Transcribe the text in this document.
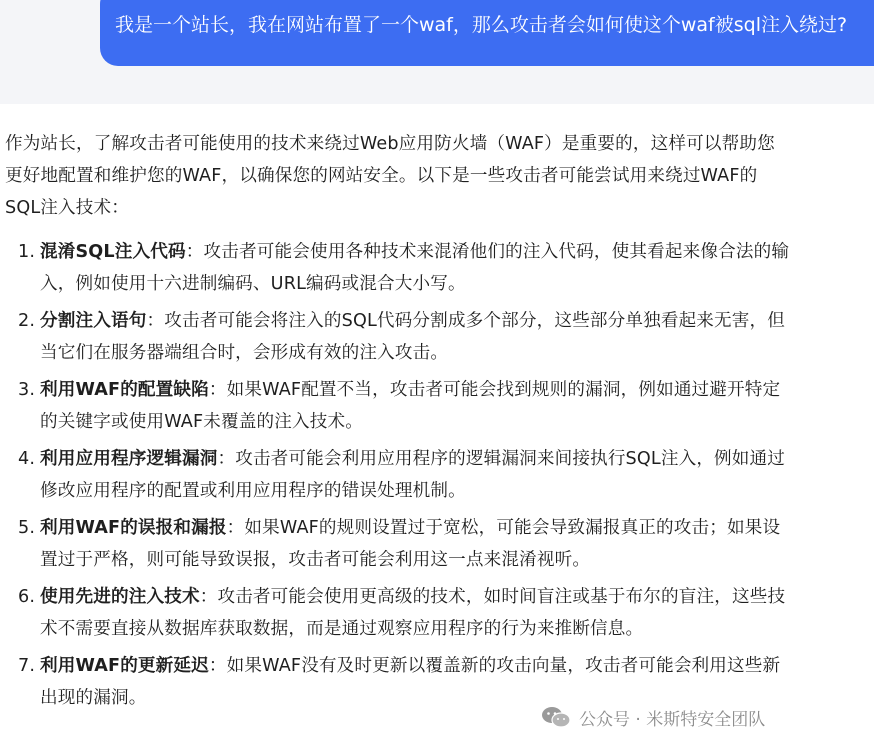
我是一个站长，我在网站布置了一个waf，那么攻击者会如何使这个waf被sql注入绕过?

作为站长，了解攻击者可能使用的技术来绕过Web应用防火墙（WAF）是重要的，这样可以帮助您

更好地配置和维护您的WAF，以确保您的网站安全。以下是一些攻击者可能尝试用来绕过WAF的

SQL注入技术：

1. 混淆SQL注入代码：攻击者可能会使用各种技术来混淆他们的注入代码，使其看起来像合法的输
入，例如使用十六进制编码、URL编码或混合大小写。
2. 分割注入语句：攻击者可能会将注入的SQL代码分割成多个部分，这些部分单独看起来无害，但
当它们在服务器端组合时，会形成有效的注入攻击。
3. 利用WAF的配置缺陷：如果WAF配置不当，攻击者可能会找到规则的漏洞，例如通过避开特定
的关键字或使用WAF未覆盖的注入技术。
4. 利用应用程序逻辑漏洞：攻击者可能会利用应用程序的逻辑漏洞来间接执行SQL注入，例如通过
修改应用程序的配置或利用应用程序的错误处理机制。
5. 利用WAF的误报和漏报：如果WAF的规则设置过于宽松，可能会导致漏报真正的攻击；如果设
置过于严格，则可能导致误报，攻击者可能会利用这一点来混淆视听。
6. 使用先进的注入技术：攻击者可能会使用更高级的技术，如时间盲注或基于布尔的盲注，这些技
术不需要直接从数据库获取数据，而是通过观察应用程序的行为来推断信息。
7. 利用WAF的更新延迟：如果WAF没有及时更新以覆盖新的攻击向量，攻击者可能会利用这些新
出现的漏洞。
公众号 · 米斯特安全团队
